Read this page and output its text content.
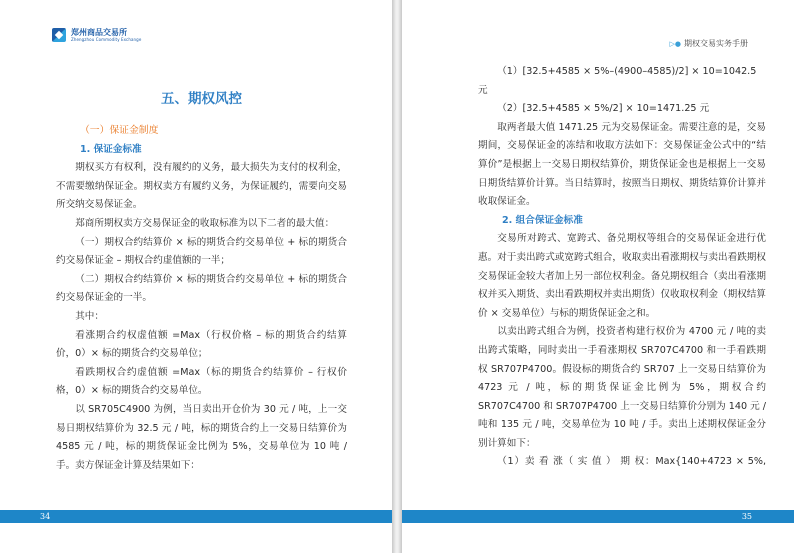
郑州商品交易所
Zhengzhou Commodity Exchange
五、期权风控
（一）保证金制度
1. 保证金标准

期权买方有权利，没有履约的义务，最大损失为支付的权利金，不需要缴纳保证金。期权卖方有履约义务，为保证履约，需要向交易所交纳交易保证金。

郑商所期权卖方交易保证金的收取标准为以下二者的最大值：

（一）期权合约结算价 × 标的期货合约交易单位 + 标的期货合约交易保证金 – 期权合约虚值额的一半；

（二）期权合约结算价 × 标的期货合约交易单位 + 标的期货合约交易保证金的一半。

其中：

看涨期合约权虚值额 =Max（行权价格 – 标的期货合约结算价，0）× 标的期货合约交易单位；

看跌期权合约虚值额 =Max（标的期货合约结算价 – 行权价格，0）× 标的期货合约交易单位。

以 SR705C4900 为例，当日卖出开仓价为 30 元 / 吨，上一交易日期权结算价为 32.5 元 / 吨，标的期货合约上一交易日结算价为 4585 元 / 吨，标的期货保证金比例为 5%，交易单位为 10 吨 / 手。卖方保证金计算及结果如下：

34
▷● 期权交易实务手册

（1）[32.5+4585 × 5%–(4900–4585)/2] × 10=1042.5 元

（2）[32.5+4585 × 5%/2] × 10=1471.25 元

取两者最大值 1471.25 元为交易保证金。需要注意的是，交易期间，交易保证金的冻结和收取方法如下：交易保证金公式中的“结算价”是根据上一交易日期权结算价，期货保证金也是根据上一交易日期货结算价计算。当日结算时，按照当日期权、期货结算价计算并收取保证金。

2. 组合保证金标准

交易所对跨式、宽跨式、备兑期权等组合的交易保证金进行优惠。对于卖出跨式或宽跨式组合，收取卖出看涨期权与卖出看跌期权交易保证金较大者加上另一部位权利金。备兑期权组合（卖出看涨期权并买入期货、卖出看跌期权并卖出期货）仅收取权利金（期权结算价 × 交易单位）与标的期货保证金之和。

以卖出跨式组合为例，投资者构建行权价为 4700 元 / 吨的卖出跨式策略，同时卖出一手看涨期权 SR707C4700 和一手看跌期权 SR707P4700。假设标的期货合约 SR707 上一交易日结算价为 4723 元 / 吨，标的期货保证金比例为 5%，期权合约 SR707C4700 和 SR707P4700 上一交易日结算价分别为 140 元 / 吨和 135 元 / 吨，交易单位为 10 吨 / 手。卖出上述期权保证金分别计算如下：

（1）卖 看 涨（ 实 值 ） 期 权：Max{140+4723 × 5%,

35
